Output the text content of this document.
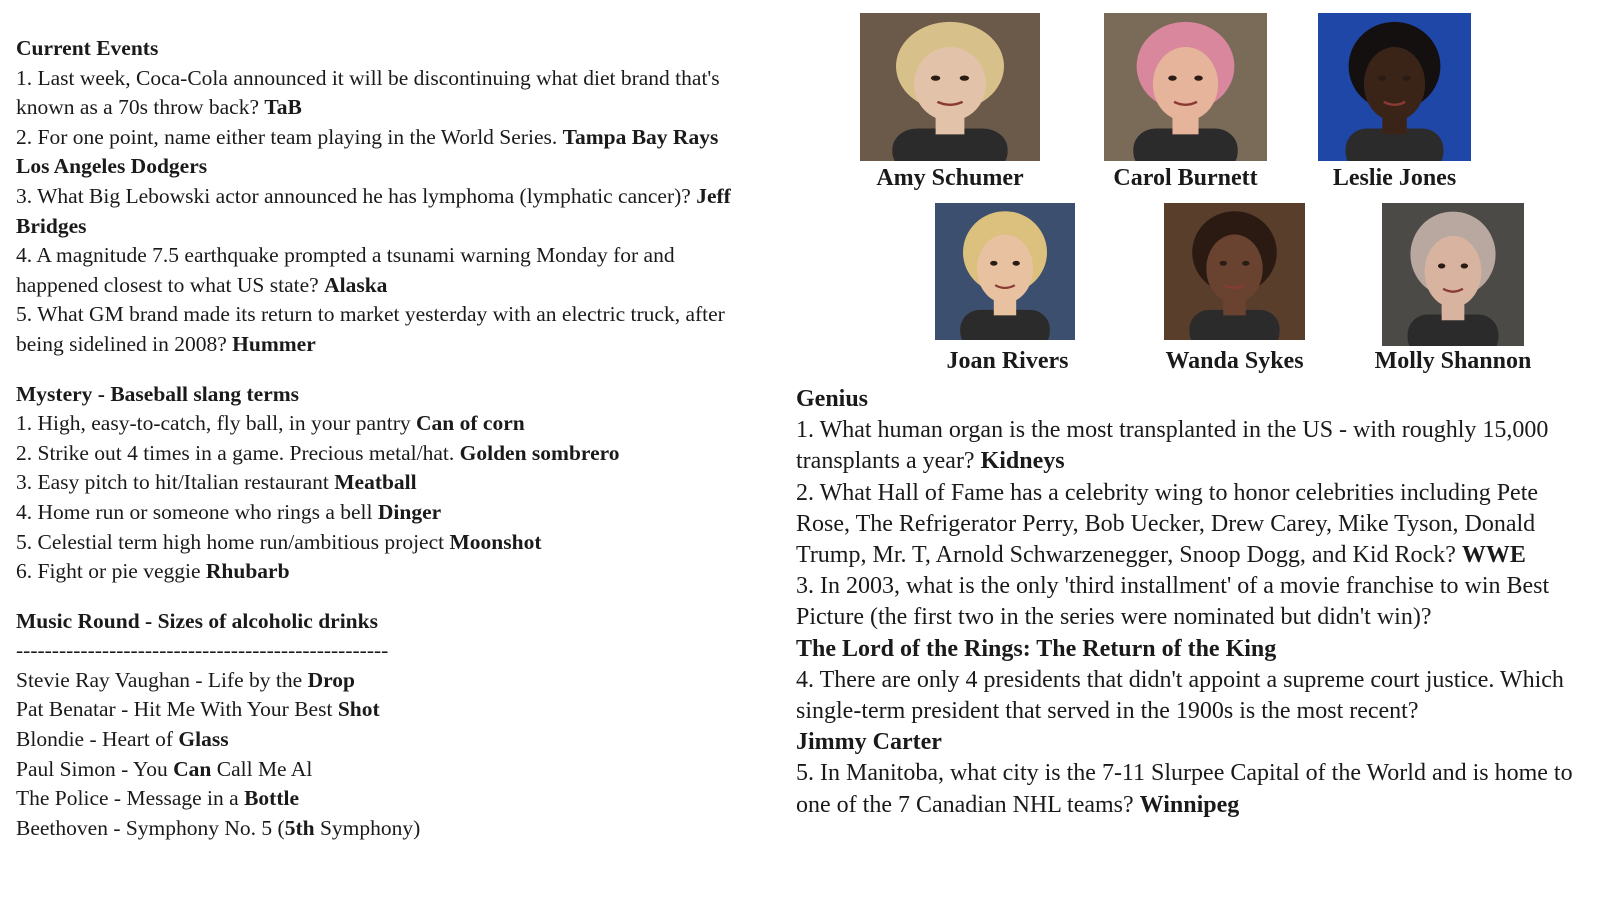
Current Events
1. Last week, Coca-Cola announced it will be discontinuing what diet brand that's known as a 70s throw back? TaB
2. For one point, name either team playing in the World Series. Tampa Bay Rays Los Angeles Dodgers
3. What Big Lebowski actor announced he has lymphoma (lymphatic cancer)? Jeff Bridges
4. A magnitude 7.5 earthquake prompted a tsunami warning Monday for and happened closest to what US state? Alaska
5. What GM brand made its return to market yesterday with an electric truck, after being sidelined in 2008? Hummer
Mystery - Baseball slang terms
1. High, easy-to-catch, fly ball, in your pantry Can of corn
2. Strike out 4 times in a game. Precious metal/hat. Golden sombrero
3. Easy pitch to hit/Italian restaurant Meatball
4. Home run or someone who rings a bell Dinger
5. Celestial term high home run/ambitious project Moonshot
6. Fight or pie veggie Rhubarb
Music Round - Sizes of alcoholic drinks
----------------------------------------------------
Stevie Ray Vaughan - Life by the Drop
Pat Benatar - Hit Me With Your Best Shot
Blondie - Heart of Glass
Paul Simon - You Can Call Me Al
The Police - Message in a Bottle
Beethoven - Symphony No. 5 (5th Symphony)
Amy Schumer	Carol Burnett	Leslie Jones
Joan Rivers	Wanda Sykes	Molly Shannon
Genius
1. What human organ is the most transplanted in the US - with roughly 15,000 transplants a year? Kidneys
2. What Hall of Fame has a celebrity wing to honor celebrities including Pete Rose, The Refrigerator Perry, Bob Uecker, Drew Carey, Mike Tyson, Donald Trump, Mr. T, Arnold Schwarzenegger, Snoop Dogg, and Kid Rock? WWE
3. In 2003, what is the only 'third installment' of a movie franchise to win Best Picture (the first two in the series were nominated but didn't win)?
The Lord of the Rings: The Return of the King
4. There are only 4 presidents that didn't appoint a supreme court justice. Which single-term president that served in the 1900s is the most recent?
Jimmy Carter
5. In Manitoba, what city is the 7-11 Slurpee Capital of the World and is home to one of the 7 Canadian NHL teams? Winnipeg
